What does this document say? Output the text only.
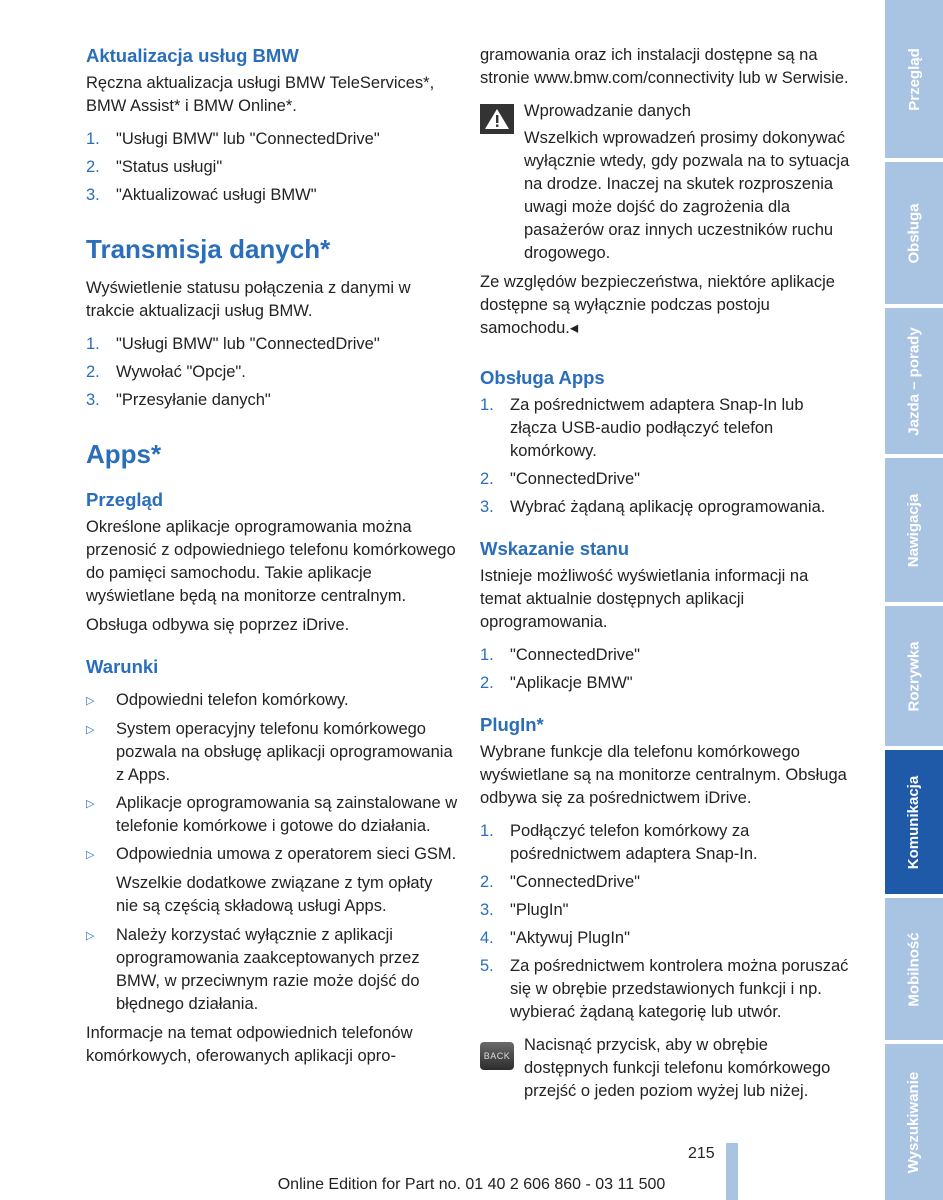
Aktualizacja usług BMW

Ręczna aktualizacja usługi BMW TeleServices*, BMW Assist* i BMW Online*.

1. "Usługi BMW" lub "ConnectedDrive"
2. "Status usługi"
3. "Aktualizować usługi BMW"
Transmisja danych*

Wyświetlenie statusu połączenia z danymi w trakcie aktualizacji usług BMW.

1. "Usługi BMW" lub "ConnectedDrive"
2. Wywołać "Opcje".
3. "Przesyłanie danych"
Apps*
Przegląd

Określone aplikacje oprogramowania można przenosić z odpowiedniego telefonu komórkowego do pamięci samochodu. Takie aplikacje wyświetlane będą na monitorze centralnym.

Obsługa odbywa się poprzez iDrive.

Warunki
▷	Odpowiedni telefon komórkowy.
▷	System operacyjny telefonu komórkowego pozwala na obsługę aplikacji oprogramowania z Apps.
▷	Aplikacje oprogramowania są zainstalowane w telefonie komórkowe i gotowe do działania.
▷	Odpowiednia umowa z operatorem sieci GSM.
Wszelkie dodatkowe związane z tym opłaty nie są częścią składową usługi Apps.
▷	Należy korzystać wyłącznie z aplikacji oprogramowania zaakceptowanych przez BMW, w przeciwnym razie może dojść do błędnego działania.

Informacje na temat odpowiednich telefonów komórkowych, oferowanych aplikacji opro-

gramowania oraz ich instalacji dostępne są na stronie www.bmw.com/connectivity lub w Serwisie.

Wprowadzanie danych
Wszelkich wprowadzeń prosimy dokonywać wyłącznie wtedy, gdy pozwala na to sytuacja na drodze. Inaczej na skutek rozproszenia uwagi może dojść do zagrożenia dla pasażerów oraz innych uczestników ruchu drogowego.

Ze względów bezpieczeństwa, niektóre aplikacje dostępne są wyłącznie podczas postoju samochodu.◂

Obsługa Apps
1. Za pośrednictwem adaptera Snap-In lub złącza USB-audio podłączyć telefon komórkowy.
2. "ConnectedDrive"
3. Wybrać żądaną aplikację oprogramowania.
Wskazanie stanu

Istnieje możliwość wyświetlania informacji na temat aktualnie dostępnych aplikacji oprogramowania.

1. "ConnectedDrive"
2. "Aplikacje BMW"
PlugIn*

Wybrane funkcje dla telefonu komórkowego wyświetlane są na monitorze centralnym. Obsługa odbywa się za pośrednictwem iDrive.

1. Podłączyć telefon komórkowy za pośrednictwem adaptera Snap-In.
2. "ConnectedDrive"
3. "PlugIn"
4. "Aktywuj PlugIn"
5. Za pośrednictwem kontrolera można poruszać się w obrębie przedstawionych funkcji i np. wybierać żądaną kategorię lub utwór.
BACK
Nacisnąć przycisk, aby w obrębie dostępnych funkcji telefonu komórkowego przejść o jeden poziom wyżej lub niżej.
Przegląd
Obsługa
Jazda – porady
Nawigacja
Rozrywka
Komunikacja
Mobilność
Wyszukiwanie
215
Online Edition for Part no. 01 40 2 606 860 - 03 11 500
